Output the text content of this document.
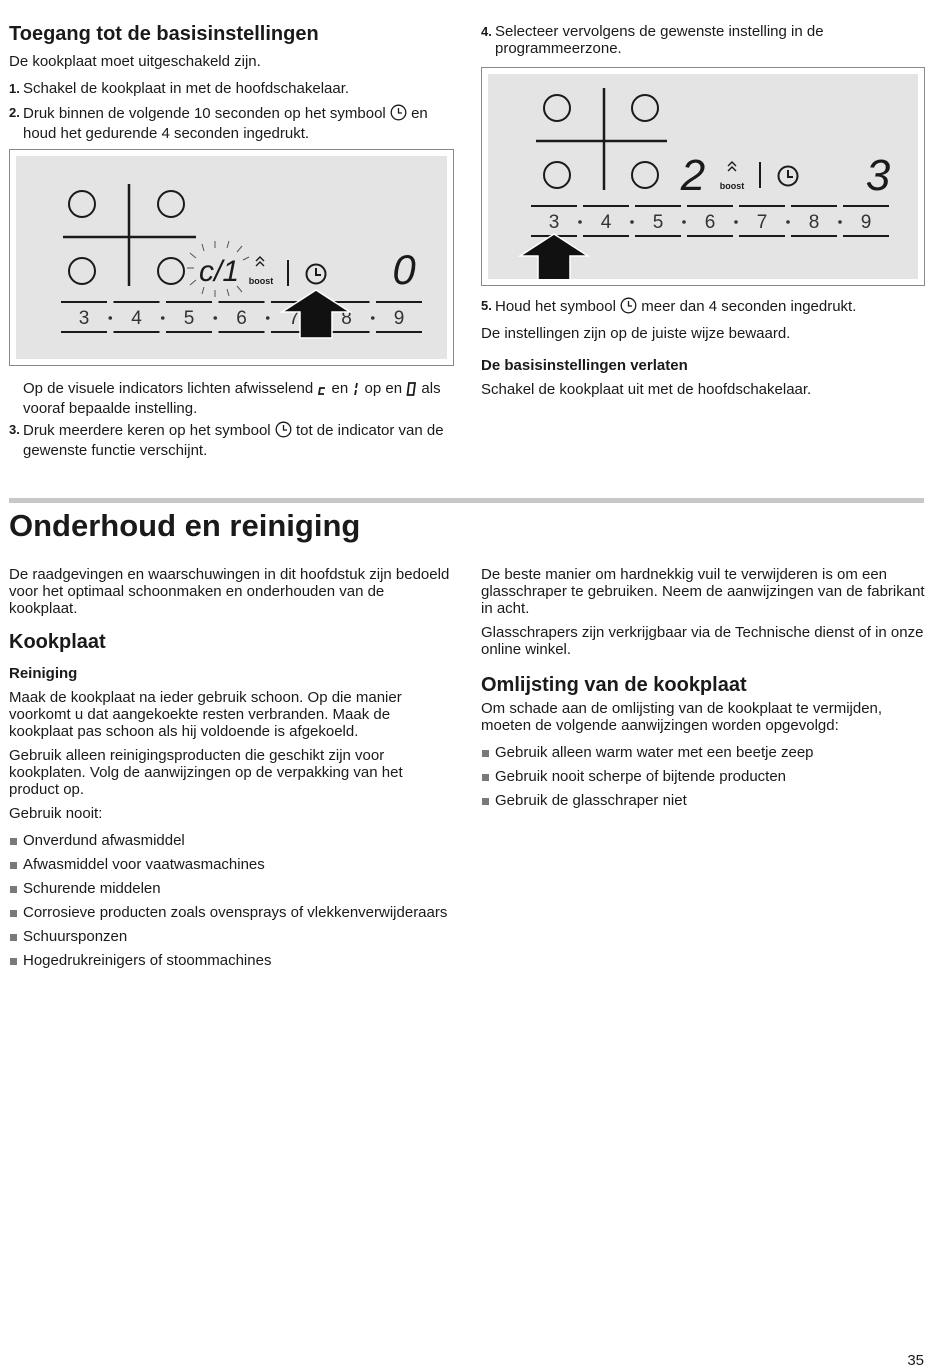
Toegang tot de basisinstellingen

De kookplaat moet uitgeschakeld zijn.

1. Schakel de kookplaat in met de hoofdschakelaar.
2. Druk binnen de volgende 10 seconden op het symbool  en houd het gedurende 4 seconden ingedrukt.
c/1 boost	0
3 4 5 6 7 8 9
Op de visuele indicators lichten afwisselend  en  op en  als vooraf bepaalde instelling.
3. Druk meerdere keren op het symbool  tot de indicator van de gewenste functie verschijnt.
4. Selecteer vervolgens de gewenste instelling in de programmeerzone.
2 boost	3
3 4 5 6 7 8 9
5. Houd het symbool  meer dan 4 seconden ingedrukt.

De instellingen zijn op de juiste wijze bewaard.

De basisinstellingen verlaten

Schakel de kookplaat uit met de hoofdschakelaar.

Onderhoud en reiniging

De raadgevingen en waarschuwingen in dit hoofdstuk zijn bedoeld voor het optimaal schoonmaken en onderhouden van de kookplaat.

Kookplaat
Reiniging

Maak de kookplaat na ieder gebruik schoon. Op die manier voorkomt u dat aangekoekte resten verbranden. Maak de kookplaat pas schoon als hij voldoende is afgekoeld.

Gebruik alleen reinigingsproducten die geschikt zijn voor kookplaten. Volg de aanwijzingen op de verpakking van het product op.

Gebruik nooit:

Onverdund afwasmiddel
Afwasmiddel voor vaatwasmachines
Schurende middelen
Corrosieve producten zoals ovensprays of vlekkenverwijderaars
Schuursponzen
Hogedrukreinigers of stoommachines

De beste manier om hardnekkig vuil te verwijderen is om een glasschraper te gebruiken. Neem de aanwijzingen van de fabrikant in acht.

Glasschrapers zijn verkrijgbaar via de Technische dienst of in onze online winkel.

Omlijsting van de kookplaat

Om schade aan de omlijsting van de kookplaat te vermijden, moeten de volgende aanwijzingen worden opgevolgd:

Gebruik alleen warm water met een beetje zeep
Gebruik nooit scherpe of bijtende producten
Gebruik de glasschraper niet
35
